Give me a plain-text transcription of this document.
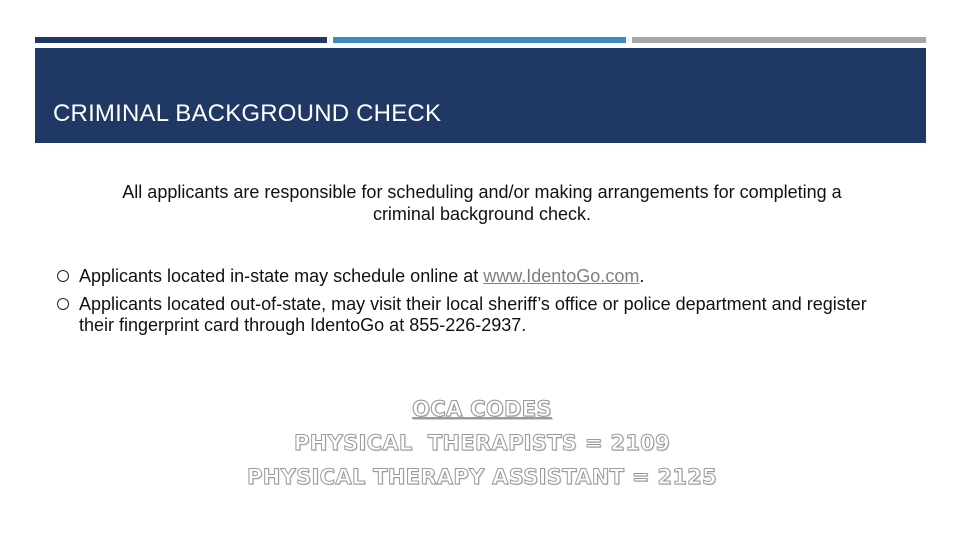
CRIMINAL BACKGROUND CHECK
All applicants are responsible for scheduling and/or making arrangements for completing a criminal background check.
Applicants located in-state may schedule online at www.IdentoGo.com.
Applicants located out-of-state, may visit their local sheriff’s office or police department and register their fingerprint card through IdentoGo at 855-226-2937.
OCA CODES
PHYSICAL  THERAPISTS = 2109
PHYSICAL THERAPY ASSISTANT = 2125
